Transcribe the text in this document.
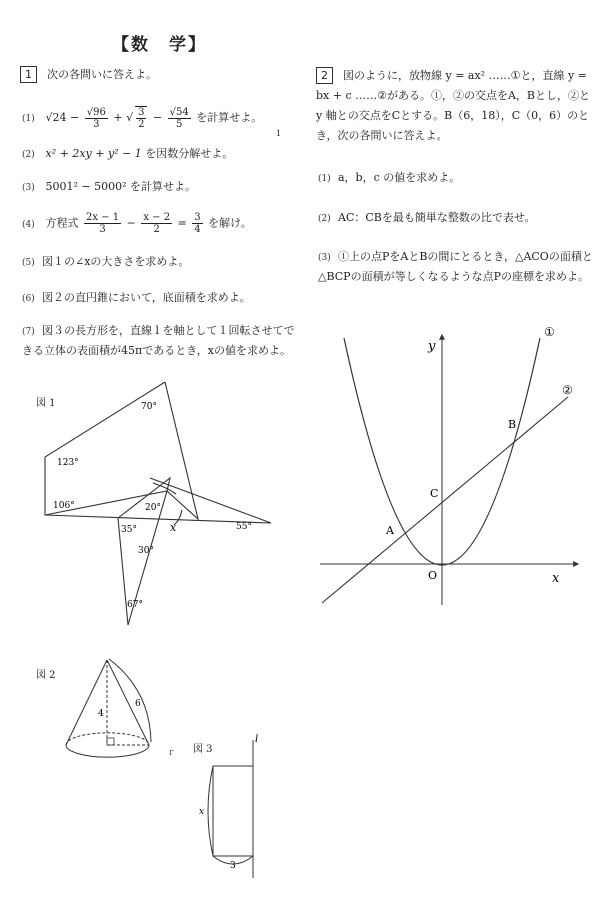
【数　学】
1
1 次の各問いに答えよ。
(1) $√24 - \frac{√96}{3}$ + √ $\frac{3}{2} - \frac{√54}{5}$ を計算せよ。
(2) x² + 2xy + y² − 1 を因数分解せよ。
(3) 5001² − 5000² を計算せよ。
(4) 方程式 $\frac{2x - 1}{3} - \frac{x - 2}{2} = \frac{3}{4}$ を解け。
(5) 図１の∠xの大きさを求めよ。
(6) 図２の直円錐において，底面積を求めよ。
(7) 図３の長方形を，直線 l を軸として１回転させてできる立体の表面積が45πであるとき，xの値を求めよ。
2 図のように，放物線 y = ax² ……①と，直線 y = bx + c ……②がある。①，②の交点をA，Bとし，②と y 軸との交点をCとする。B（6，18），C（0，6）のとき，次の各問いに答えよ。
(1) a，b，c の値を求めよ。
(2) AC：CBを最も簡単な整数の比で表せ。
(3) ①上の点PをAとBの間にとるとき，△ACOの面積と△BCPの面積が等しくなるような点Pの座標を求めよ。
図 1	70°
123°
106°	20°
35°
30°
55°
67°
x
図 2
4
6
図 3
l
x
3
y
x
O
①
②
A
B
C
r
